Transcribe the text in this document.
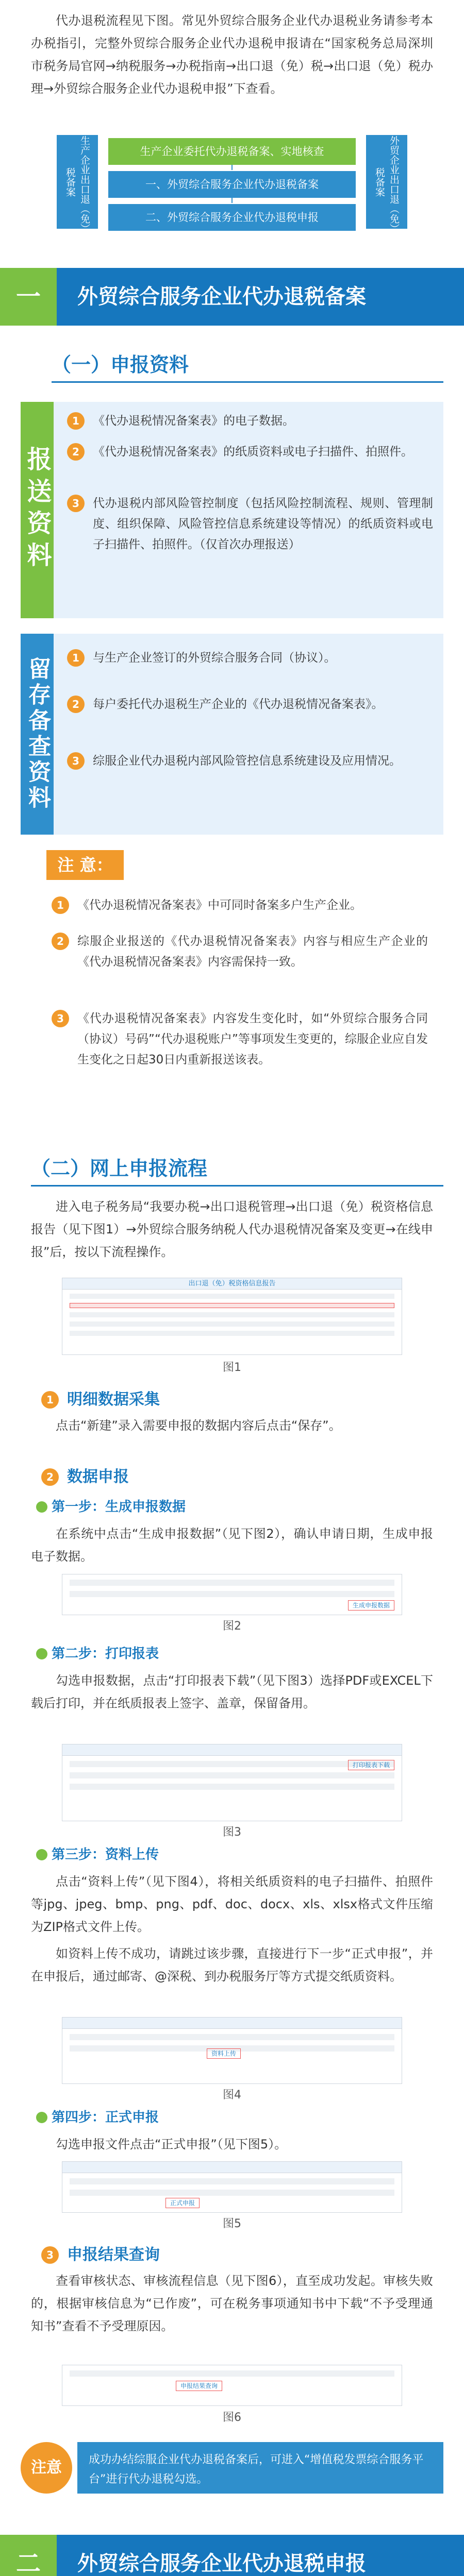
代办退税流程见下图。常见外贸综合服务企业代办退税业务请参考本办税指引，完整外贸综合服务企业代办退税申报请在“国家税务总局深圳市税务局官网→纳税服务→办税指南→出口退（免）税→出口退（免）税办理→外贸综合服务企业代办退税申报”下查看。
生产企业出口退（免）税备案	外贸企业出口退（免）税备案
生产企业委托代办退税备案、实地核查
一、外贸综合服务企业代办退税备案
二、外贸综合服务企业代办退税申报
一	外贸综合服务企业代办退税备案
（一）申报资料
报送资料
1	《代办退税情况备案表》的电子数据。
2	《代办退税情况备案表》的纸质资料或电子扫描件、拍照件。
3	代办退税内部风险管控制度（包括风险控制流程、规则、管理制度、组织保障、风险管控信息系统建设等情况）的纸质资料或电子扫描件、拍照件。（仅首次办理报送）
留存备查资料	1	与生产企业签订的外贸综合服务合同（协议）。
2	每户委托代办退税生产企业的《代办退税情况备案表》。
3	综服企业代办退税内部风险管控信息系统建设及应用情况。
注 意：
1	《代办退税情况备案表》中可同时备案多户生产企业。
2	综服企业报送的《代办退税情况备案表》内容与相应生产企业的《代办退税情况备案表》内容需保持一致。
3	《代办退税情况备案表》内容发生变化时，如“外贸综合服务合同（协议）号码”“代办退税账户”等事项发生变更的，综服企业应自发生变化之日起30日内重新报送该表。
（二）网上申报流程
进入电子税务局“我要办税→出口退税管理→出口退（免）税资格信息报告（见下图1）→外贸综合服务纳税人代办退税情况备案及变更→在线申报”后，按以下流程操作。
出口退（免）税资格信息报告
图1
1 明细数据采集
点击“新建”录入需要申报的数据内容后点击“保存”。
2 数据申报
第一步：生成申报数据
在系统中点击“生成申报数据”（见下图2），确认申请日期，生成申报电子数据。
生成申报数据
图2
第二步：打印报表
勾选申报数据，点击“打印报表下载”（见下图3）选择PDF或EXCEL下载后打印，并在纸质报表上签字、盖章，保留备用。
打印报表下载
图3
第三步：资料上传
点击“资料上传”（见下图4），将相关纸质资料的电子扫描件、拍照件等jpg、jpeg、bmp、png、pdf、doc、docx、xls、xlsx格式文件压缩为ZIP格式文件上传。
如资料上传不成功，请跳过该步骤，直接进行下一步“正式申报”，并在申报后，通过邮寄、@深税、到办税服务厅等方式提交纸质资料。
资料上传
图4
第四步：正式申报
勾选申报文件点击“正式申报”（见下图5）。
正式申报
图5
3 申报结果查询
查看审核状态、审核流程信息（见下图6），直至成功发起。审核失败的，根据审核信息为“已作废”，可在税务事项通知书中下载“不予受理通知书”查看不予受理原因。
申报结果查询
图6
注意	成功办结综服企业代办退税备案后，可进入“增值税发票综合服务平台”进行代办退税勾选。
二	外贸综合服务企业代办退税申报
